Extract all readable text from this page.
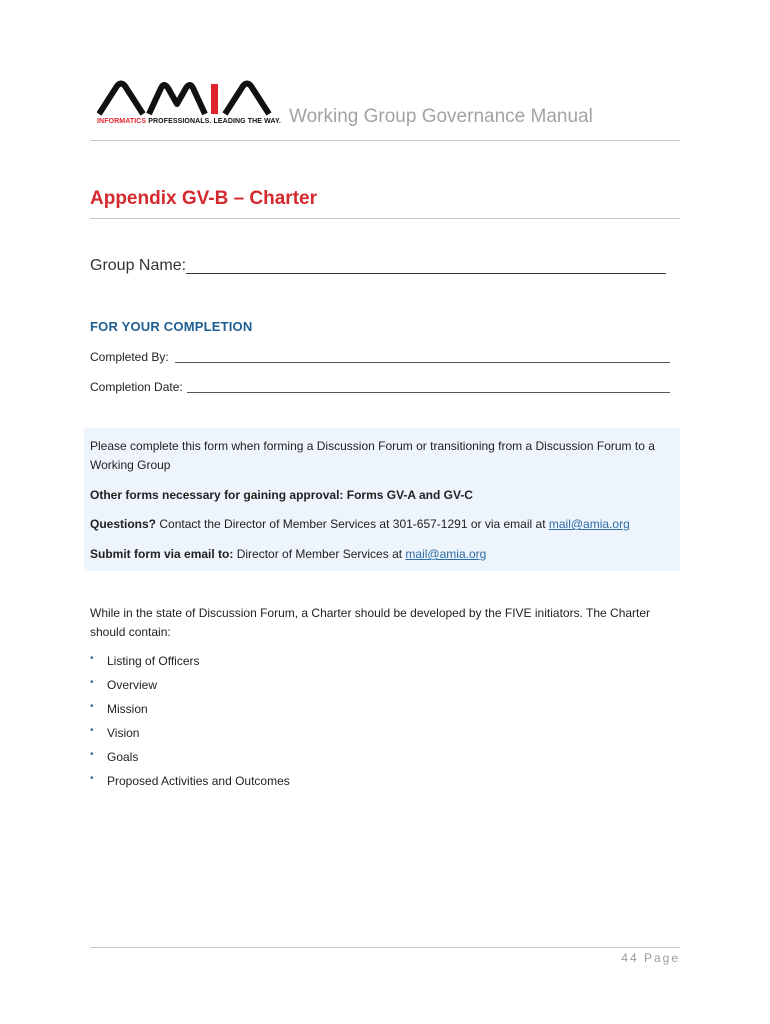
INFORMATICS PROFESSIONALS. LEADING THE WAY. Working Group Governance Manual
Appendix GV-B – Charter
Group Name:
FOR YOUR COMPLETION
Completed By:
Completion Date:
Please complete this form when forming a Discussion Forum or transitioning from a Discussion Forum to a Working Group
Other forms necessary for gaining approval: Forms GV-A and GV-C
Questions? Contact the Director of Member Services at 301-657-1291 or via email at mail@amia.org
Submit form via email to: Director of Member Services at mail@amia.org
While in the state of Discussion Forum, a Charter should be developed by the FIVE initiators. The Charter should contain:
• Listing of Officers
• Overview
• Mission
• Vision
• Goals
• Proposed Activities and Outcomes
44 Page
